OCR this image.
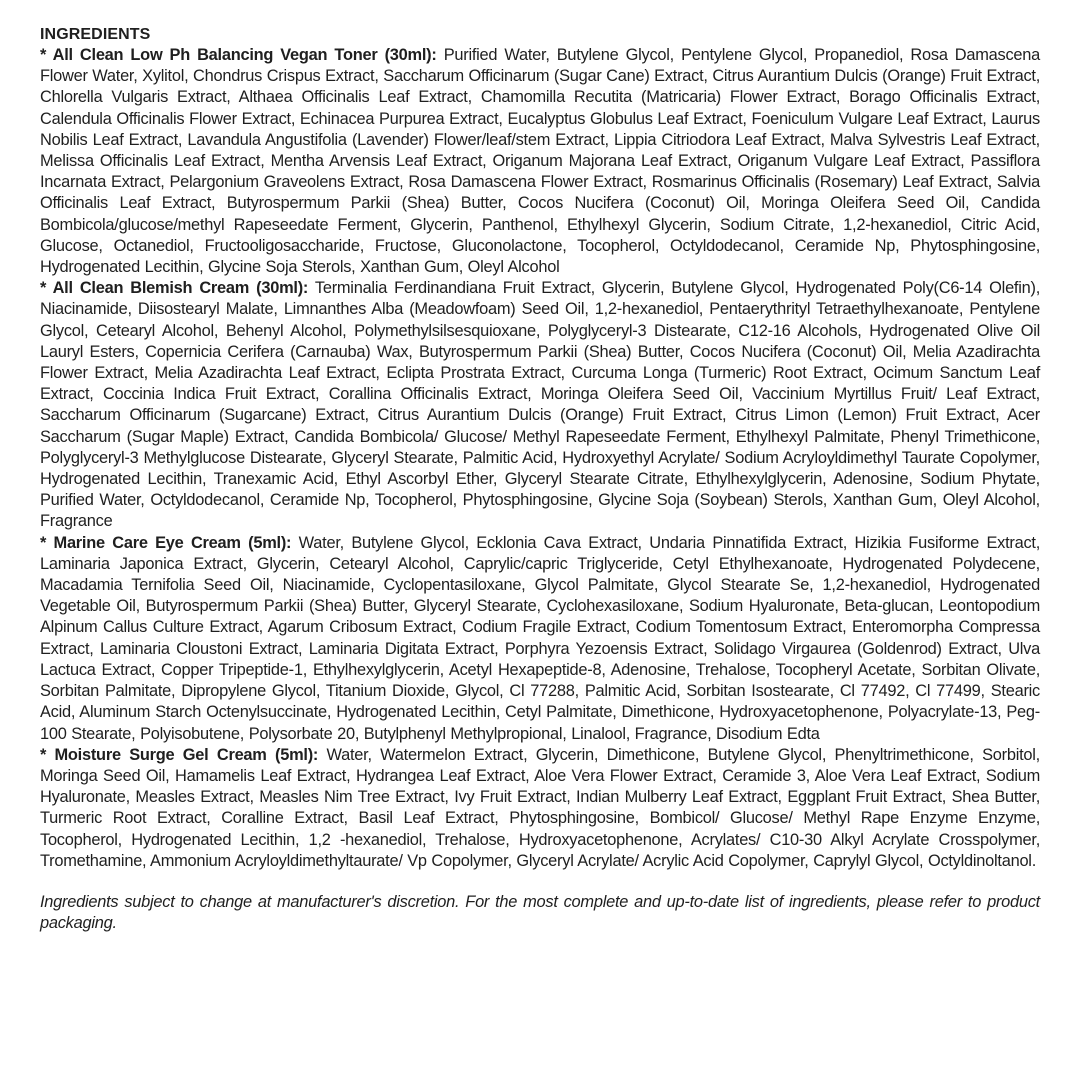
INGREDIENTS

* All Clean Low Ph Balancing Vegan Toner (30ml): Purified Water, Butylene Glycol, Pentylene Glycol, Propanediol, Rosa Damascena Flower Water, Xylitol, Chondrus Crispus Extract, Saccharum Officinarum (Sugar Cane) Extract, Citrus Aurantium Dulcis (Orange) Fruit Extract, Chlorella Vulgaris Extract, Althaea Officinalis Leaf Extract, Chamomilla Recutita (Matricaria) Flower Extract, Borago Officinalis Extract, Calendula Officinalis Flower Extract, Echinacea Purpurea Extract, Eucalyptus Globulus Leaf Extract, Foeniculum Vulgare Leaf Extract, Laurus Nobilis Leaf Extract, Lavandula Angustifolia (Lavender) Flower/leaf/stem Extract, Lippia Citriodora Leaf Extract, Malva Sylvestris Leaf Extract, Melissa Officinalis Leaf Extract, Mentha Arvensis Leaf Extract, Origanum Majorana Leaf Extract, Origanum Vulgare Leaf Extract, Passiflora Incarnata Extract, Pelargonium Graveolens Extract, Rosa Damascena Flower Extract, Rosmarinus Officinalis (Rosemary) Leaf Extract, Salvia Officinalis Leaf Extract, Butyrospermum Parkii (Shea) Butter, Cocos Nucifera (Coconut) Oil, Moringa Oleifera Seed Oil, Candida Bombicola/glucose/methyl Rapeseedate Ferment, Glycerin, Panthenol, Ethylhexyl Glycerin, Sodium Citrate, 1,2-hexanediol, Citric Acid, Glucose, Octanediol, Fructooligosaccharide, Fructose, Gluconolactone, Tocopherol, Octyldodecanol, Ceramide Np, Phytosphingosine, Hydrogenated Lecithin, Glycine Soja Sterols, Xanthan Gum, Oleyl Alcohol

* All Clean Blemish Cream (30ml): Terminalia Ferdinandiana Fruit Extract, Glycerin, Butylene Glycol, Hydrogenated Poly(C6-14 Olefin), Niacinamide, Diisostearyl Malate, Limnanthes Alba (Meadowfoam) Seed Oil, 1,2-hexanediol, Pentaerythrityl Tetraethylhexanoate, Pentylene Glycol, Cetearyl Alcohol, Behenyl Alcohol, Polymethylsilsesquioxane, Polyglyceryl-3 Distearate, C12-16 Alcohols, Hydrogenated Olive Oil Lauryl Esters, Copernicia Cerifera (Carnauba) Wax, Butyrospermum Parkii (Shea) Butter, Cocos Nucifera (Coconut) Oil, Melia Azadirachta Flower Extract, Melia Azadirachta Leaf Extract, Eclipta Prostrata Extract, Curcuma Longa (Turmeric) Root Extract, Ocimum Sanctum Leaf Extract, Coccinia Indica Fruit Extract, Corallina Officinalis Extract, Moringa Oleifera Seed Oil, Vaccinium Myrtillus Fruit/ Leaf Extract, Saccharum Officinarum (Sugarcane) Extract, Citrus Aurantium Dulcis (Orange) Fruit Extract, Citrus Limon (Lemon) Fruit Extract, Acer Saccharum (Sugar Maple) Extract, Candida Bombicola/ Glucose/ Methyl Rapeseedate Ferment, Ethylhexyl Palmitate, Phenyl Trimethicone, Polyglyceryl-3 Methylglucose Distearate, Glyceryl Stearate, Palmitic Acid, Hydroxyethyl Acrylate/ Sodium Acryloyldimethyl Taurate Copolymer, Hydrogenated Lecithin, Tranexamic Acid, Ethyl Ascorbyl Ether, Glyceryl Stearate Citrate, Ethylhexylglycerin, Adenosine, Sodium Phytate, Purified Water, Octyldodecanol, Ceramide Np, Tocopherol, Phytosphingosine, Glycine Soja (Soybean) Sterols, Xanthan Gum, Oleyl Alcohol, Fragrance

* Marine Care Eye Cream (5ml): Water, Butylene Glycol, Ecklonia Cava Extract, Undaria Pinnatifida Extract, Hizikia Fusiforme Extract, Laminaria Japonica Extract, Glycerin, Cetearyl Alcohol, Caprylic/capric Triglyceride, Cetyl Ethylhexanoate, Hydrogenated Polydecene, Macadamia Ternifolia Seed Oil, Niacinamide, Cyclopentasiloxane, Glycol Palmitate, Glycol Stearate Se, 1,2-hexanediol, Hydrogenated Vegetable Oil, Butyrospermum Parkii (Shea) Butter, Glyceryl Stearate, Cyclohexasiloxane, Sodium Hyaluronate, Beta-glucan, Leontopodium Alpinum Callus Culture Extract, Agarum Cribosum Extract, Codium Fragile Extract, Codium Tomentosum Extract, Enteromorpha Compressa Extract, Laminaria Cloustoni Extract, Laminaria Digitata Extract, Porphyra Yezoensis Extract, Solidago Virgaurea (Goldenrod) Extract, Ulva Lactuca Extract, Copper Tripeptide-1, Ethylhexylglycerin, Acetyl Hexapeptide-8, Adenosine, Trehalose, Tocopheryl Acetate, Sorbitan Olivate, Sorbitan Palmitate, Dipropylene Glycol, Titanium Dioxide, Glycol, Cl 77288, Palmitic Acid, Sorbitan Isostearate, Cl 77492, Cl 77499, Stearic Acid, Aluminum Starch Octenylsuccinate, Hydrogenated Lecithin, Cetyl Palmitate, Dimethicone, Hydroxyacetophenone, Polyacrylate-13, Peg-100 Stearate, Polyisobutene, Polysorbate 20, Butylphenyl Methylpropional, Linalool, Fragrance, Disodium Edta

* Moisture Surge Gel Cream (5ml): Water, Watermelon Extract, Glycerin, Dimethicone, Butylene Glycol, Phenyltrimethicone, Sorbitol, Moringa Seed Oil, Hamamelis Leaf Extract, Hydrangea Leaf Extract, Aloe Vera Flower Extract, Ceramide 3, Aloe Vera Leaf Extract, Sodium Hyaluronate, Measles Extract, Measles Nim Tree Extract, Ivy Fruit Extract, Indian Mulberry Leaf Extract, Eggplant Fruit Extract, Shea Butter, Turmeric Root Extract, Coralline Extract, Basil Leaf Extract, Phytosphingosine, Bombicol/ Glucose/ Methyl Rape Enzyme Enzyme, Tocopherol, Hydrogenated Lecithin, 1,2 -hexanediol, Trehalose, Hydroxyacetophenone, Acrylates/ C10-30 Alkyl Acrylate Crosspolymer, Tromethamine, Ammonium Acryloyldimethyltaurate/ Vp Copolymer, Glyceryl Acrylate/ Acrylic Acid Copolymer, Caprylyl Glycol, Octyldinoltanol.

Ingredients subject to change at manufacturer's discretion. For the most complete and up-to-date list of ingredients, please refer to product packaging.
